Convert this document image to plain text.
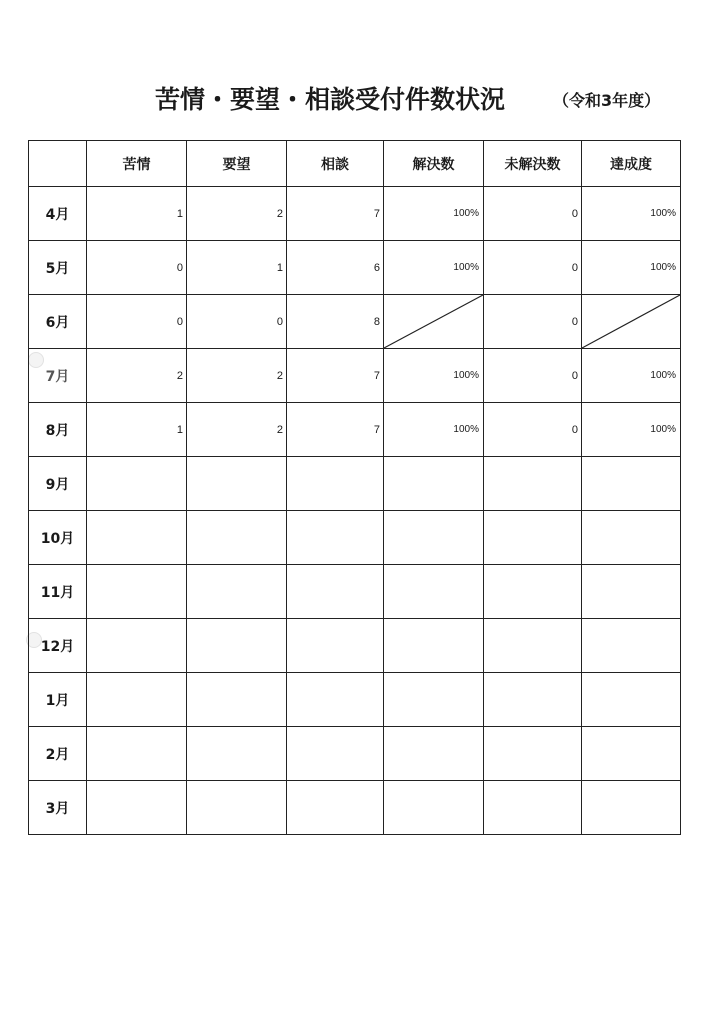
苦情・要望・相談受付件数状況	（令和3年度）
	苦情	要望	相談	解決数	未解決数	達成度
4月	1	2	7	100%	0	100%
5月	0	1	6	100%	0	100%
6月	0	0	8		0	

7月	2	2	7	100%	0	100%
8月	1	2	7	100%	0	100%
9月						
10月						
11月						
12月						
1月						
2月						
3月						
